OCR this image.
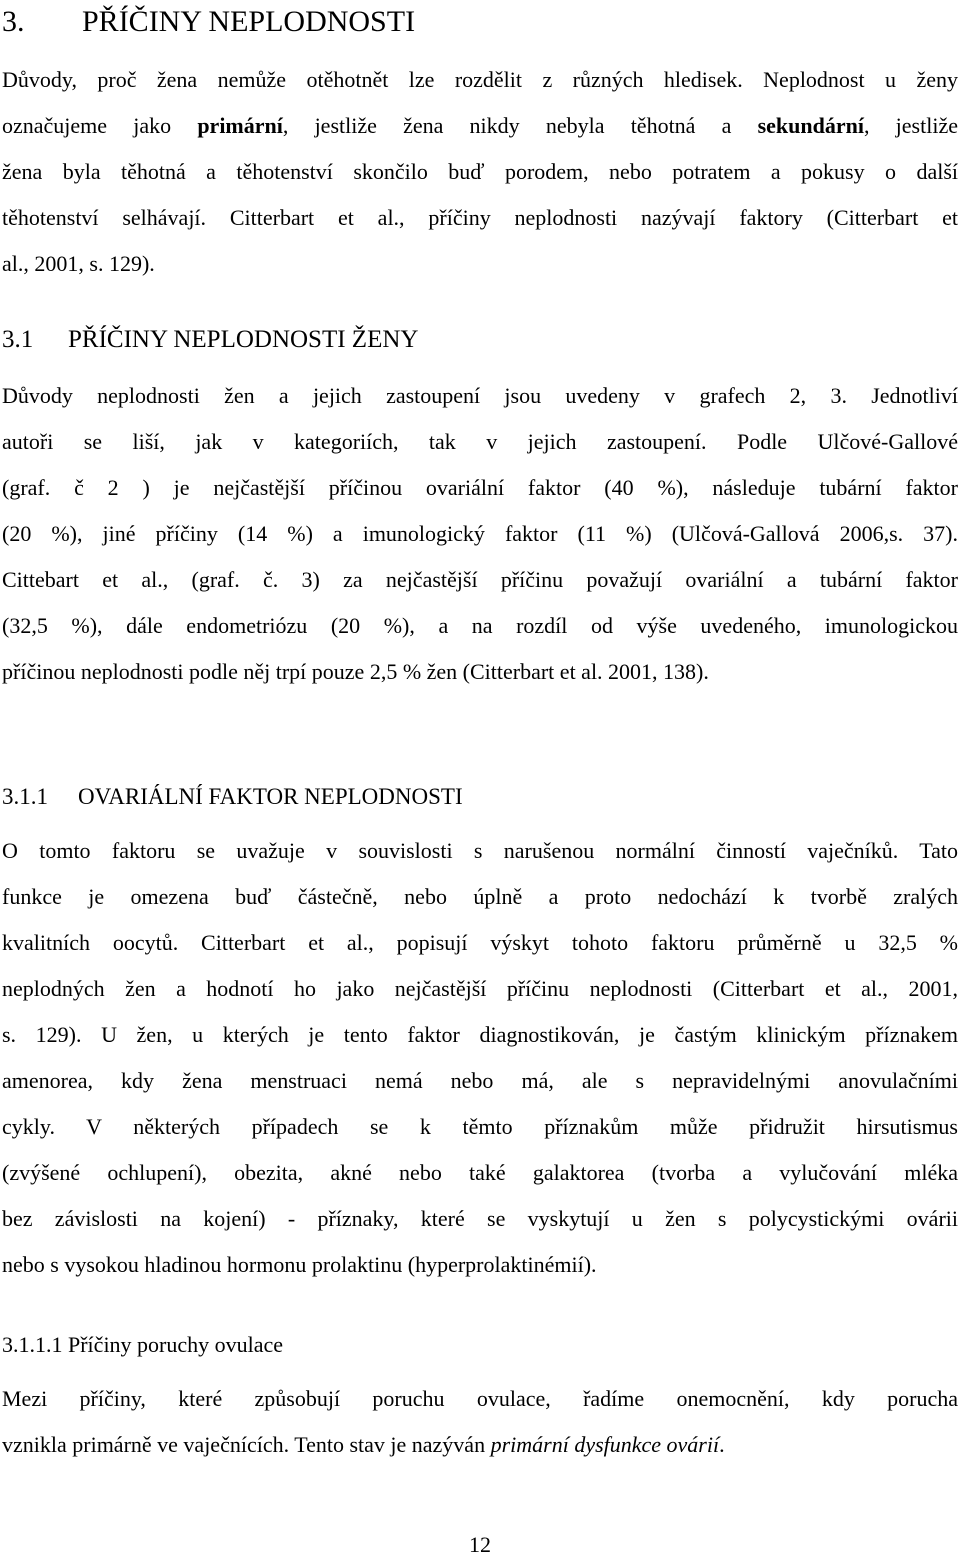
3. PŘÍČINY NEPLODNOSTI
Důvody, proč žena nemůže otěhotnět lze rozdělit z různých hledisek. Neplodnost u ženy
označujeme jako primární, jestliže žena nikdy nebyla těhotná a sekundární, jestliže
žena byla těhotná a těhotenství skončilo buď porodem, nebo potratem a pokusy o další
těhotenství selhávají. Citterbart et al., příčiny neplodnosti nazývají faktory (Citterbart et
al., 2001, s. 129).
3.1 PŘÍČINY NEPLODNOSTI ŽENY
Důvody neplodnosti žen a jejich zastoupení jsou uvedeny v grafech 2, 3. Jednotliví
autoři se liší, jak v kategoriích, tak v jejich zastoupení. Podle Ulčové-Gallové
(graf. č 2 ) je nejčastější příčinou ovariální faktor (40 %), následuje tubární faktor
(20 %), jiné příčiny (14 %) a imunologický faktor (11 %) (Ulčová-Gallová 2006,s. 37).
Cittebart et al., (graf. č. 3) za nejčastější příčinu považují ovariální a tubární faktor
(32,5 %), dále endometriózu (20 %), a na rozdíl od výše uvedeného, imunologickou
příčinou neplodnosti podle něj trpí pouze 2,5 % žen (Citterbart et al. 2001, 138).
3.1.1 OVARIÁLNÍ FAKTOR NEPLODNOSTI
O tomto faktoru se uvažuje v souvislosti s narušenou normální činností vaječníků. Tato
funkce je omezena buď částečně, nebo úplně a proto nedochází k tvorbě zralých
kvalitních oocytů. Citterbart et al., popisují výskyt tohoto faktoru průměrně u 32,5 %
neplodných žen a hodnotí ho jako nejčastější příčinu neplodnosti (Citterbart et al., 2001,
s. 129). U žen, u kterých je tento faktor diagnostikován, je častým klinickým příznakem
amenorea, kdy žena menstruaci nemá nebo má, ale s nepravidelnými anovulačními
cykly. V některých případech se k těmto příznakům může přidružit hirsutismus
(zvýšené ochlupení), obezita, akné nebo také galaktorea (tvorba a vylučování mléka
bez závislosti na kojení) - příznaky, které se vyskytují u žen s polycystickými ovárii
nebo s vysokou hladinou hormonu prolaktinu (hyperprolaktinémií).
3.1.1.1 Příčiny poruchy ovulace
Mezi příčiny, které způsobují poruchu ovulace, řadíme onemocnění, kdy porucha
vznikla primárně ve vaječnících. Tento stav je nazýván primární dysfunkce ovárií.
12
